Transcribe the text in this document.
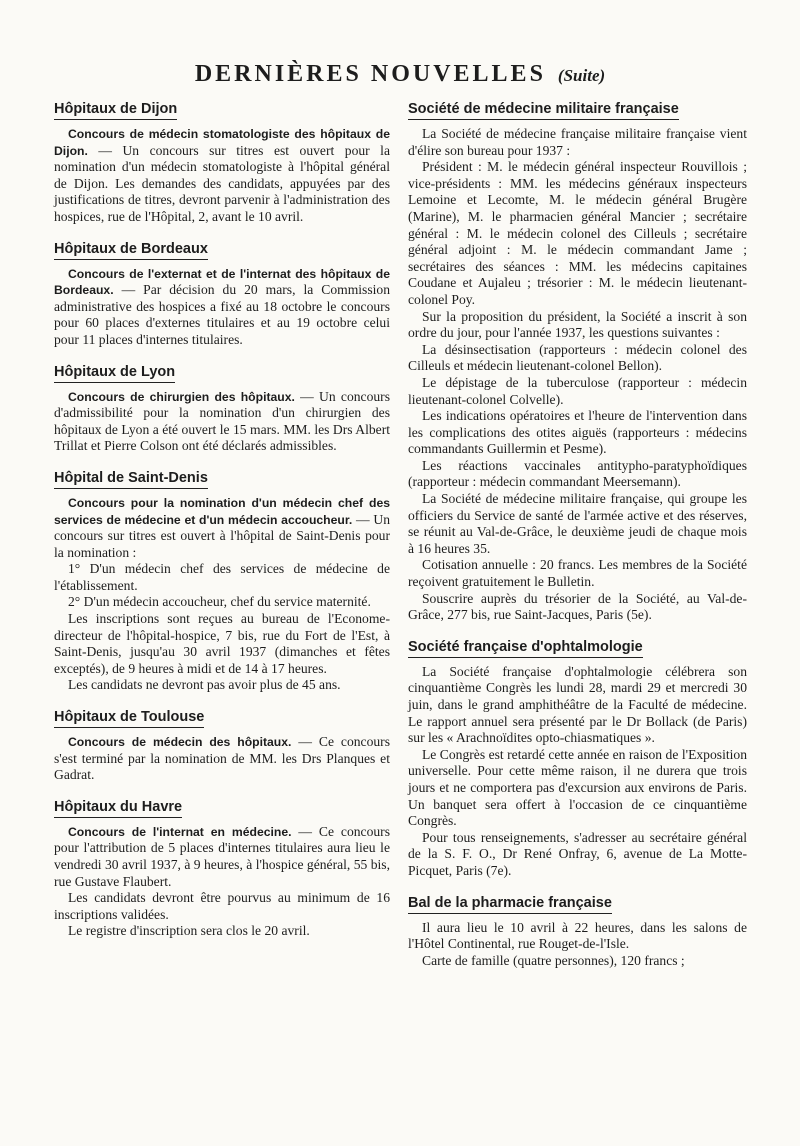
DERNIÈRES NOUVELLES (Suite)
Hôpitaux de Dijon

Concours de médecin stomatologiste des hôpitaux de Dijon. — Un concours sur titres est ouvert pour la nomination d'un médecin stomatologiste à l'hôpital général de Dijon. Les demandes des candidats, appuyées par des justifications de titres, devront parvenir à l'administration des hospices, rue de l'Hôpital, 2, avant le 10 avril.

Hôpitaux de Bordeaux

Concours de l'externat et de l'internat des hôpitaux de Bordeaux. — Par décision du 20 mars, la Commission administrative des hospices a fixé au 18 octobre le concours pour 60 places d'externes titulaires et au 19 octobre celui pour 11 places d'internes titulaires.

Hôpitaux de Lyon

Concours de chirurgien des hôpitaux. — Un concours d'admissibilité pour la nomination d'un chirurgien des hôpitaux de Lyon a été ouvert le 15 mars. MM. les Drs Albert Trillat et Pierre Colson ont été déclarés admissibles.

Hôpital de Saint-Denis

Concours pour la nomination d'un médecin chef des services de médecine et d'un médecin accoucheur. — Un concours sur titres est ouvert à l'hôpital de Saint-Denis pour la nomination :

1° D'un médecin chef des services de médecine de l'établissement.

2° D'un médecin accoucheur, chef du service maternité.

Les inscriptions sont reçues au bureau de l'Econome-directeur de l'hôpital-hospice, 7 bis, rue du Fort de l'Est, à Saint-Denis, jusqu'au 30 avril 1937 (dimanches et fêtes exceptés), de 9 heures à midi et de 14 à 17 heures.

Les candidats ne devront pas avoir plus de 45 ans.

Hôpitaux de Toulouse

Concours de médecin des hôpitaux. — Ce concours s'est terminé par la nomination de MM. les Drs Planques et Gadrat.

Hôpitaux du Havre

Concours de l'internat en médecine. — Ce concours pour l'attribution de 5 places d'internes titulaires aura lieu le vendredi 30 avril 1937, à 9 heures, à l'hospice général, 55 bis, rue Gustave Flaubert.

Les candidats devront être pourvus au minimum de 16 inscriptions validées.

Le registre d'inscription sera clos le 20 avril.

Société de médecine militaire française

La Société de médecine française militaire française vient d'élire son bureau pour 1937 :

Président : M. le médecin général inspecteur Rouvillois ; vice-présidents : MM. les médecins généraux inspecteurs Lemoine et Lecomte, M. le médecin général Brugère (Marine), M. le pharmacien général Mancier ; secrétaire général : M. le médecin colonel des Cilleuls ; secrétaire général adjoint : M. le médecin commandant Jame ; secrétaires des séances : MM. les médecins capitaines Coudane et Aujaleu ; trésorier : M. le médecin lieutenant-colonel Poy.

Sur la proposition du président, la Société a inscrit à son ordre du jour, pour l'année 1937, les questions suivantes :

La désinsectisation (rapporteurs : médecin colonel des Cilleuls et médecin lieutenant-colonel Bellon).

Le dépistage de la tuberculose (rapporteur : médecin lieutenant-colonel Colvelle).

Les indications opératoires et l'heure de l'intervention dans les complications des otites aiguës (rapporteurs : médecins commandants Guillermin et Pesme).

Les réactions vaccinales antitypho-paratyphoïdiques (rapporteur : médecin commandant Meersemann).

La Société de médecine militaire française, qui groupe les officiers du Service de santé de l'armée active et des réserves, se réunit au Val-de-Grâce, le deuxième jeudi de chaque mois à 16 heures 35.

Cotisation annuelle : 20 francs. Les membres de la Société reçoivent gratuitement le Bulletin.

Souscrire auprès du trésorier de la Société, au Val-de-Grâce, 277 bis, rue Saint-Jacques, Paris (5e).

Société française d'ophtalmologie

La Société française d'ophtalmologie célébrera son cinquantième Congrès les lundi 28, mardi 29 et mercredi 30 juin, dans le grand amphithéâtre de la Faculté de médecine. Le rapport annuel sera présenté par le Dr Bollack (de Paris) sur les « Arachnoïdites opto-chiasmatiques ».

Le Congrès est retardé cette année en raison de l'Exposition universelle. Pour cette même raison, il ne durera que trois jours et ne comportera pas d'excursion aux environs de Paris. Un banquet sera offert à l'occasion de ce cinquantième Congrès.

Pour tous renseignements, s'adresser au secrétaire général de la S. F. O., Dr René Onfray, 6, avenue de La Motte-Picquet, Paris (7e).

Bal de la pharmacie française

Il aura lieu le 10 avril à 22 heures, dans les salons de l'Hôtel Continental, rue Rouget-de-l'Isle.

Carte de famille (quatre personnes), 120 francs ;
